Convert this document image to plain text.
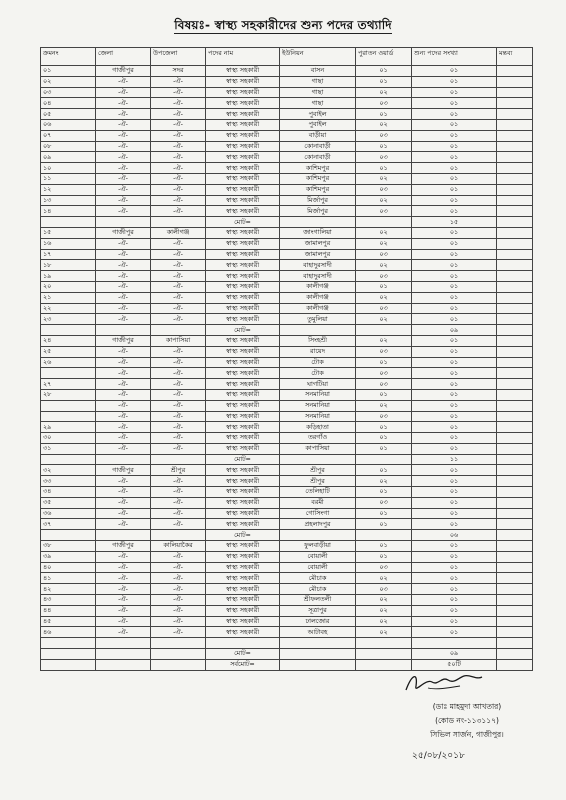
বিষয়ঃ- স্বাস্থ্য সহকারীদের শুন্য পদের তথ্যাদি
ক্রমনং	জেলা	উপজেলা	পদের নাম	ইউনিয়ন	পুরাতন ওয়ার্ড	শুন্য পদের সংখ্যা	মন্তব্য
০১	গাজীপুর	সদর	স্বাস্থ্য সহকারী	বাসন	০১	০১	
০২	-ঐ-	-ঐ-	স্বাস্থ্য সহকারী	গাছা	০১	০১	
০৩	-ঐ-	-ঐ-	স্বাস্থ্য সহকারী	গাছা	০২	০১	
০৪	-ঐ-	-ঐ-	স্বাস্থ্য সহকারী	গাছা	০৩	০১	
০৫	-ঐ-	-ঐ-	স্বাস্থ্য সহকারী	পুবাইল	০১	০১	
০৬	-ঐ-	-ঐ-	স্বাস্থ্য সহকারী	পুবাইল	০২	০১	
০৭	-ঐ-	-ঐ-	স্বাস্থ্য সহকারী	বাড়ীয়া	০৩	০১	
০৮	-ঐ-	-ঐ-	স্বাস্থ্য সহকারী	কোনাবাড়ী	০১	০১	
০৯	-ঐ-	-ঐ-	স্বাস্থ্য সহকারী	কোনাবাড়ী	০৩	০১	
১০	-ঐ-	-ঐ-	স্বাস্থ্য সহকারী	কাশিমপুর	০১	০১	
১১	-ঐ-	-ঐ-	স্বাস্থ্য সহকারী	কাশিমপুর	০২	০১	
১২	-ঐ-	-ঐ-	স্বাস্থ্য সহকারী	কাশিমপুর	০৩	০১	
১৩	-ঐ-	-ঐ-	স্বাস্থ্য সহকারী	মির্জাপুর	০২	০১	
১৪	-ঐ-	-ঐ-	স্বাস্থ্য সহকারী	মির্জাপুর	০৩	০১	
			মোট=			১৫	
১৫	গাজীপুর	কালীগঞ্জ	স্বাস্থ্য সহকারী	জাংগালিয়া	০২	০১	
১৬	-ঐ-	-ঐ-	স্বাস্থ্য সহকারী	জামালপুর	০২	০১	
১৭	-ঐ-	-ঐ-	স্বাস্থ্য সহকারী	জামালপুর	০৩	০১	
১৮	-ঐ-	-ঐ-	স্বাস্থ্য সহকারী	বাহাদুরসাদী	০২	০১	
১৯	-ঐ-	-ঐ-	স্বাস্থ্য সহকারী	বাহাদুরসাদী	০৩	০১	
২০	-ঐ-	-ঐ-	স্বাস্থ্য সহকারী	কালীগঞ্জ	০১	০১	
২১	-ঐ-	-ঐ-	স্বাস্থ্য সহকারী	কালীগঞ্জ	০২	০১	
২২	-ঐ-	-ঐ-	স্বাস্থ্য সহকারী	কালীগঞ্জ	০৩	০১	
২৩	-ঐ-	-ঐ-	স্বাস্থ্য সহকারী	তুমুলিয়া	০২	০১	
			মোট=			০৯	
২৪	গাজীপুর	কাপাসিয়া	স্বাস্থ্য সহকারী	সিংহশ্রী	০২	০১	
২৫	-ঐ-	-ঐ-	স্বাস্থ্য সহকারী	রায়েদ	০৩	০১	
২৬	-ঐ-	-ঐ-	স্বাস্থ্য সহকারী	টোক	০১	০১	
	-ঐ-	-ঐ-	স্বাস্থ্য সহকারী	টোক	০৩	০১	
২৭	-ঐ-	-ঐ-	স্বাস্থ্য সহকারী	ঘাগটিয়া	০৩	০১	
২৮	-ঐ-	-ঐ-	স্বাস্থ্য সহকারী	সনমানিয়া	০১	০১	
	-ঐ-	-ঐ-	স্বাস্থ্য সহকারী	সনমানিয়া	০২	০১	
	-ঐ-	-ঐ-	স্বাস্থ্য সহকারী	সনমানিয়া	০৩	০১	
২৯	-ঐ-	-ঐ-	স্বাস্থ্য সহকারী	কড়িহাতা	০১	০১	
৩০	-ঐ-	-ঐ-	স্বাস্থ্য সহকারী	তরগাঁও	০১	০১	
৩১	-ঐ-	-ঐ-	স্বাস্থ্য সহকারী	কাপাসিয়া	০১	০১	
			মোট=			১১	
৩২	গাজীপুর	শ্রীপুর	স্বাস্থ্য সহকারী	শ্রীপুর	০১	০১	
৩৩	-ঐ-	-ঐ-	স্বাস্থ্য সহকারী	শ্রীপুর	০২	০১	
৩৪	-ঐ-	-ঐ-	স্বাস্থ্য সহকারী	তেলিহাটি	০১	০১	
৩৫	-ঐ-	-ঐ-	স্বাস্থ্য সহকারী	বরমী	০৩	০১	
৩৬	-ঐ-	-ঐ-	স্বাস্থ্য সহকারী	গোসিংগা	০১	০১	
৩৭	-ঐ-	-ঐ-	স্বাস্থ্য সহকারী	প্রহলাদপুর	০১	০১	
			মোট=			০৬	
৩৮	গাজীপুর	কালিয়াকৈর	স্বাস্থ্য সহকারী	ফুলবাড়ীয়া	০১	০১	
৩৯	-ঐ-	-ঐ-	স্বাস্থ্য সহকারী	বোয়ালী	০১	০১	
৪০	-ঐ-	-ঐ-	স্বাস্থ্য সহকারী	বোয়ালী	০৩	০১	
৪১	-ঐ-	-ঐ-	স্বাস্থ্য সহকারী	মৌচাক	০২	০১	
৪২	-ঐ-	-ঐ-	স্বাস্থ্য সহকারী	মৌচাক	০৩	০১	
৪৩	-ঐ-	-ঐ-	স্বাস্থ্য সহকারী	শ্রীফলতলী	০২	০১	
৪৪	-ঐ-	-ঐ-	স্বাস্থ্য সহকারী	সূত্রাপুর	০২	০১	
৪৫	-ঐ-	-ঐ-	স্বাস্থ্য সহকারী	ঢালজোর	০২	০১	
৪৬	-ঐ-	-ঐ-	স্বাস্থ্য সহকারী	আটাবহ	০২	০১	

			মোট=			০৯	
			সর্বমোট=			৫০টি	
(ডাঃ মাহমুদা আখতার)
(কোড নং-১১৩১১৭)
সিভিল সার্জন, গাজীপুর।
২৫/০৮/২০১৮
